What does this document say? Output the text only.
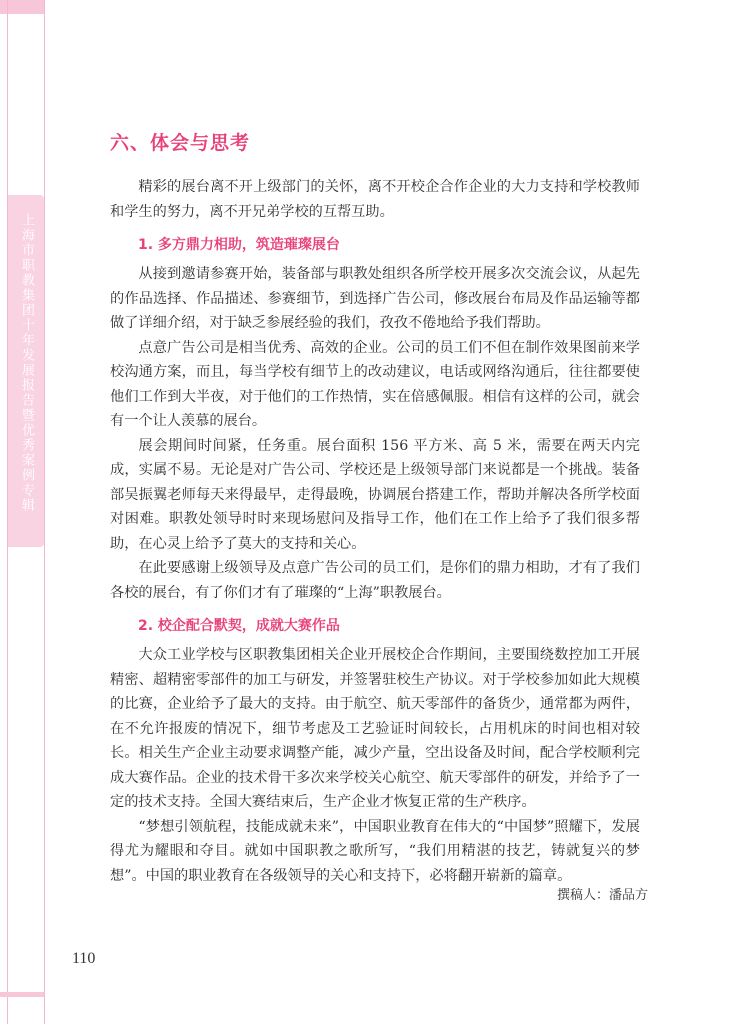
上海市职教集团十年发展报告暨优秀案例专辑
六、体会与思考

精彩的展台离不开上级部门的关怀，离不开校企合作企业的大力支持和学校教师和学生的努力，离不开兄弟学校的互帮互助。

1. 多方鼎力相助，筑造璀璨展台

从接到邀请参赛开始，装备部与职教处组织各所学校开展多次交流会议，从起先的作品选择、作品描述、参赛细节，到选择广告公司，修改展台布局及作品运输等都做了详细介绍，对于缺乏参展经验的我们，孜孜不倦地给予我们帮助。

点意广告公司是相当优秀、高效的企业。公司的员工们不但在制作效果图前来学校沟通方案，而且，每当学校有细节上的改动建议，电话或网络沟通后，往往都要使他们工作到大半夜，对于他们的工作热情，实在倍感佩服。相信有这样的公司，就会有一个让人羡慕的展台。

展会期间时间紧，任务重。展台面积 156 平方米、高 5 米，需要在两天内完成，实属不易。无论是对广告公司、学校还是上级领导部门来说都是一个挑战。装备部吴振翼老师每天来得最早，走得最晚，协调展台搭建工作，帮助并解决各所学校面对困难。职教处领导时时来现场慰问及指导工作，他们在工作上给予了我们很多帮助，在心灵上给予了莫大的支持和关心。

在此要感谢上级领导及点意广告公司的员工们，是你们的鼎力相助，才有了我们各校的展台，有了你们才有了璀璨的“上海”职教展台。

2. 校企配合默契，成就大赛作品

大众工业学校与区职教集团相关企业开展校企合作期间，主要围绕数控加工开展精密、超精密零部件的加工与研发，并签署驻校生产协议。对于学校参加如此大规模的比赛，企业给予了最大的支持。由于航空、航天零部件的备货少，通常都为两件，在不允许报废的情况下，细节考虑及工艺验证时间较长，占用机床的时间也相对较长。相关生产企业主动要求调整产能，减少产量，空出设备及时间，配合学校顺利完成大赛作品。企业的技术骨干多次来学校关心航空、航天零部件的研发，并给予了一定的技术支持。全国大赛结束后，生产企业才恢复正常的生产秩序。

“梦想引领航程，技能成就未来”，中国职业教育在伟大的“中国梦”照耀下，发展得尤为耀眼和夺目。就如中国职教之歌所写，“我们用精湛的技艺，铸就复兴的梦想”。中国的职业教育在各级领导的关心和支持下，必将翻开崭新的篇章。

撰稿人：潘品方
110
